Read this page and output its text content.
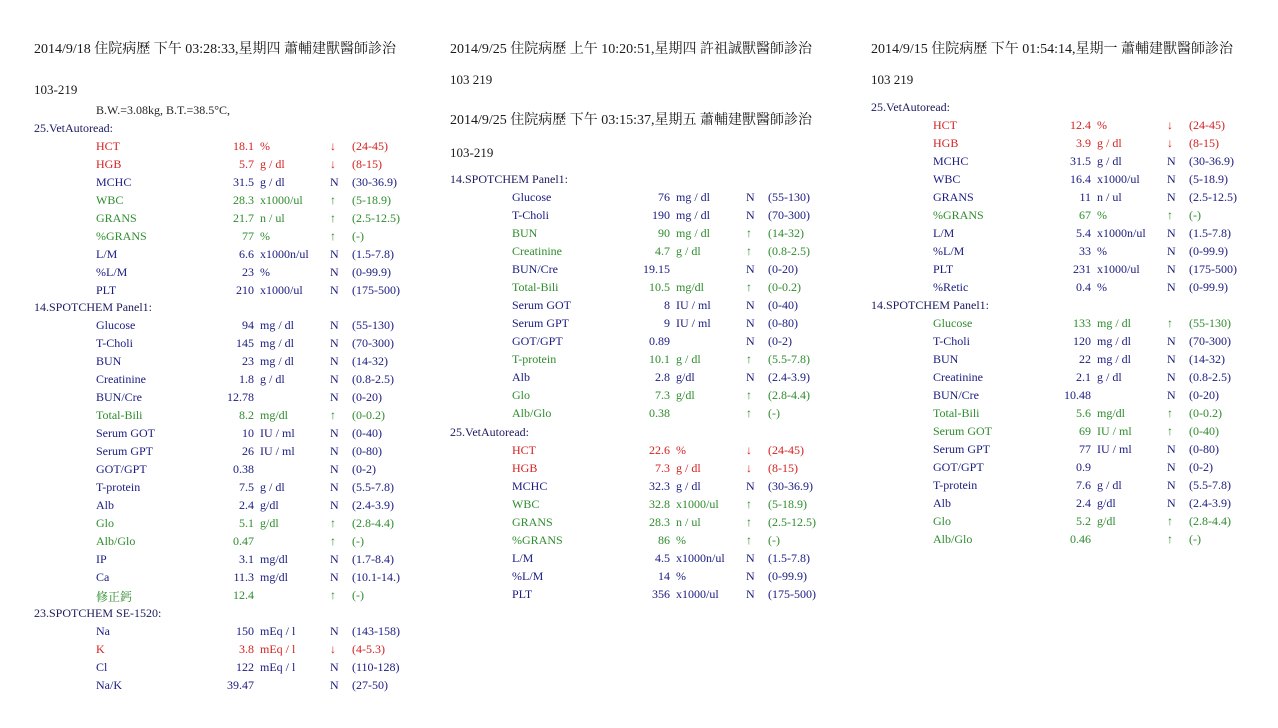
2014/9/18 住院病歷 下午 03:28:33,星期四 蕭輔建獸醫師診治
103-219
B.W.=3.08kg, B.T.=38.5°C,
25.VetAutoread:
HCT	18.1 %	↓ (24-45)
HGB	5.7 g / dl	↓ (8-15)
MCHC	31.5 g / dl	N (30-36.9)
WBC	28.3 x1000/ul ↑ (5-18.9)
GRANS	21.7 n / ul	↑ (2.5-12.5)
%GRANS	77 %	↑ (-)
L/M	6.6 x1000n/ul N (1.5-7.8)
%L/M	23 %	N (0-99.9)
PLT	210 x1000/ul N (175-500)
14.SPOTCHEM Panel1:
Glucose	94 mg / dl	N (55-130)
T-Choli	145 mg / dl	N (70-300)
BUN	23 mg / dl	N (14-32)
Creatinine	1.8 g / dl	N (0.8-2.5)
BUN/Cre	12.78	N (0-20)
Total-Bili	8.2 mg/dl	↑ (0-0.2)
Serum GOT	10 IU / ml	N (0-40)
Serum GPT	26 IU / ml	N (0-80)
GOT/GPT	0.38	N (0-2)
T-protein	7.5 g / dl	N (5.5-7.8)
Alb	2.4 g/dl	N (2.4-3.9)
Glo	5.1 g/dl	↑ (2.8-4.4)
Alb/Glo	0.47	↑ (-)
IP	3.1 mg/dl	N (1.7-8.4)
Ca	11.3 mg/dl	N (10.1-14.)
修正鈣	12.4	↑ (-)
23.SPOTCHEM SE-1520:
Na	150 mEq / l	N (143-158)
K	3.8 mEq / l	↓ (4-5.3)
Cl	122 mEq / l	N (110-128)
Na/K	39.47	N (27-50)
2014/9/25 住院病歷 上午 10:20:51,星期四 許祖誠獸醫師診治
103 219
2014/9/25 住院病歷 下午 03:15:37,星期五 蕭輔建獸醫師診治
103-219
14.SPOTCHEM Panel1:
Glucose	76 mg / dl	N (55-130)
T-Choli	190 mg / dl	N (70-300)
BUN	90 mg / dl	↑ (14-32)
Creatinine	4.7 g / dl	↑ (0.8-2.5)
BUN/Cre	19.15	N (0-20)
Total-Bili	10.5 mg/dl	↑ (0-0.2)
Serum GOT	8 IU / ml	N (0-40)
Serum GPT	9 IU / ml	N (0-80)
GOT/GPT	0.89	N (0-2)
T-protein	10.1 g / dl	↑ (5.5-7.8)
Alb	2.8 g/dl	N (2.4-3.9)
Glo	7.3 g/dl	↑ (2.8-4.4)
Alb/Glo	0.38	↑ (-)
25.VetAutoread:
HCT	22.6 %	↓ (24-45)
HGB	7.3 g / dl	↓ (8-15)
MCHC	32.3 g / dl	N (30-36.9)
WBC	32.8 x1000/ul ↑ (5-18.9)
GRANS	28.3 n / ul	↑ (2.5-12.5)
%GRANS	86 %	↑ (-)
L/M	4.5 x1000n/ul N (1.5-7.8)
%L/M	14 %	N (0-99.9)
PLT	356 x1000/ul N (175-500)
2014/9/15 住院病歷 下午 01:54:14,星期一 蕭輔建獸醫師診治
103 219
25.VetAutoread:
HCT	12.4 %	↓ (24-45)
HGB	3.9 g / dl	↓ (8-15)
MCHC	31.5 g / dl	N (30-36.9)
WBC	16.4 x1000/ul N (5-18.9)
GRANS	11 n / ul	N (2.5-12.5)
%GRANS	67 %	↑ (-)
L/M	5.4 x1000n/ul N (1.5-7.8)
%L/M	33 %	N (0-99.9)
PLT	231 x1000/ul N (175-500)
%Retic	0.4 %	N (0-99.9)
14.SPOTCHEM Panel1:
Glucose	133 mg / dl	↑ (55-130)
T-Choli	120 mg / dl	N (70-300)
BUN	22 mg / dl	N (14-32)
Creatinine	2.1 g / dl	N (0.8-2.5)
BUN/Cre	10.48	N (0-20)
Total-Bili	5.6 mg/dl	↑ (0-0.2)
Serum GOT	69 IU / ml	↑ (0-40)
Serum GPT	77 IU / ml	N (0-80)
GOT/GPT	0.9	N (0-2)
T-protein	7.6 g / dl	N (5.5-7.8)
Alb	2.4 g/dl	N (2.4-3.9)
Glo	5.2 g/dl	↑ (2.8-4.4)
Alb/Glo	0.46	↑ (-)
